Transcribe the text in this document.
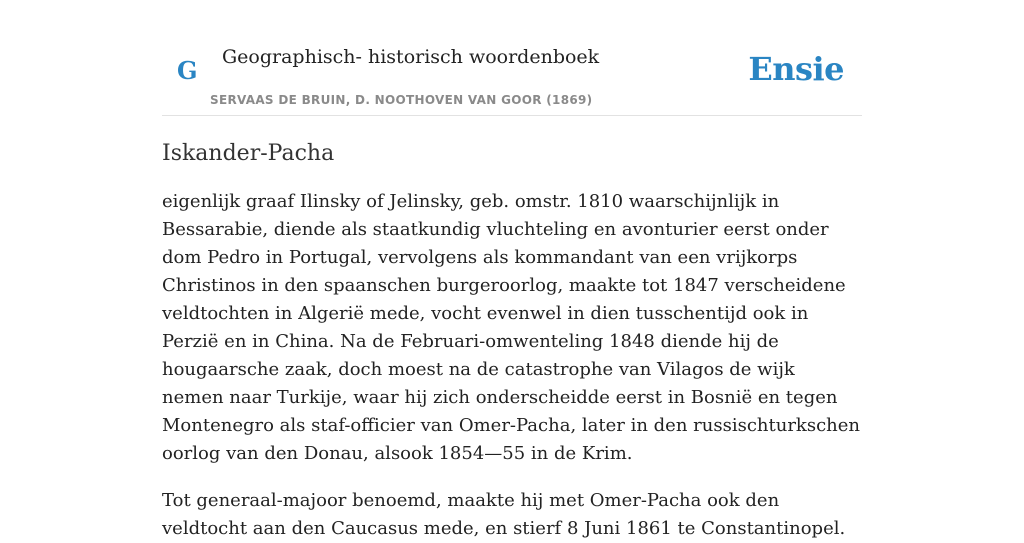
G Geographisch- historisch woordenboek
SERVAAS DE BRUIN, D. NOOTHOVEN VAN GOOR (1869)
Ensie
Iskander-Pacha

eigenlijk graaf Ilinsky of Jelinsky, geb. omstr. 1810 waarschijnlijk in Bessarabie, diende als staatkundig vluchteling en avonturier eerst onder dom Pedro in Portugal, vervolgens als kommandant van een vrijkorps Christinos in den spaanschen burgeroorlog, maakte tot 1847 verscheidene veldtochten in Algerië mede, vocht evenwel in dien tusschentijd ook in Perzië en in China. Na de Februari-omwenteling 1848 diende hij de hougaarsche zaak, doch moest na de catastrophe van Vilagos de wijk nemen naar Turkije, waar hij zich onderscheidde eerst in Bosnië en tegen Montenegro als staf-officier van Omer-Pacha, later in den russischturkschen oorlog van den Donau, alsook 1854—55 in de Krim.

Tot generaal-majoor benoemd, maakte hij met Omer-Pacha ook den veldtocht aan den Caucasus mede, en stierf 8 Juni 1861 te Constantinopel.
